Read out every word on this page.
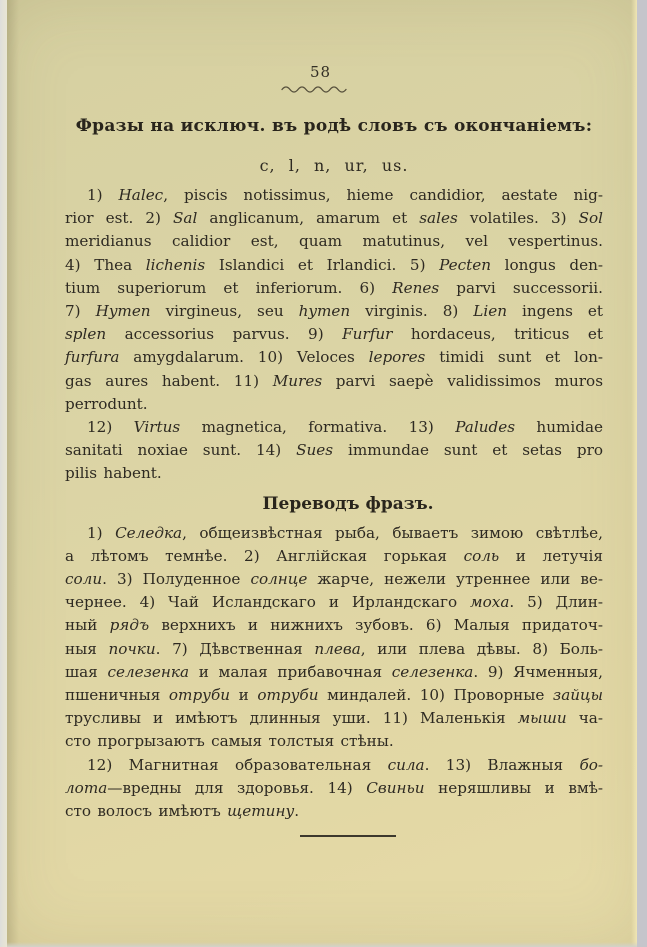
58
Фразы на исключ. въ родѣ словъ съ окончаніемъ:
c, l, n, ur, us.
1) Halec, piscis notissimus, hieme candidior, aestate nig-
rior est. 2) Sal anglicanum, amarum et sales volatiles. 3) Sol
meridianus calidior est, quam matutinus, vel vespertinus.
4) Thea lichenis Islandici et Irlandici. 5) Pecten longus den-
tium superiorum et inferiorum. 6) Renes parvi successorii.
7) Hymen virgineus, seu hymen virginis. 8) Lien ingens et
splen accessorius parvus. 9) Furfur hordaceus, triticus et
furfura amygdalarum. 10) Veloces lepores timidi sunt et lon-
gas aures habent. 11) Mures parvi saepè validissimos muros
perrodunt.
12) Virtus magnetica, formativa. 13) Paludes humidae
sanitati noxiae sunt. 14) Sues immundae sunt et setas pro
pilis habent.
Переводъ фразъ.
1) Селедка, общеизвѣстная рыба, бываетъ зимою свѣтлѣе,
а лѣтомъ темнѣе. 2) Англійская горькая соль и летучія
соли. 3) Полуденное солнце жарче, нежели утреннее или ве-
чернее. 4) Чай Исландскаго и Ирландскаго моха. 5) Длин-
ный рядъ верхнихъ и нижнихъ зубовъ. 6) Малыя придаточ-
ныя почки. 7) Дѣвственная плева, или плева дѣвы. 8) Боль-
шая селезенка и малая прибавочная селезенка. 9) Ячменныя,
пшеничныя отруби и отруби миндалей. 10) Проворные зайцы
трусливы и имѣютъ длинныя уши. 11) Маленькія мыши ча-
сто прогрызаютъ самыя толстыя стѣны.
12) Магнитная образовательная сила. 13) Влажныя бо-
лота—вредны для здоровья. 14) Свиньи неряшливы и вмѣ-
сто волосъ имѣютъ щетину.
